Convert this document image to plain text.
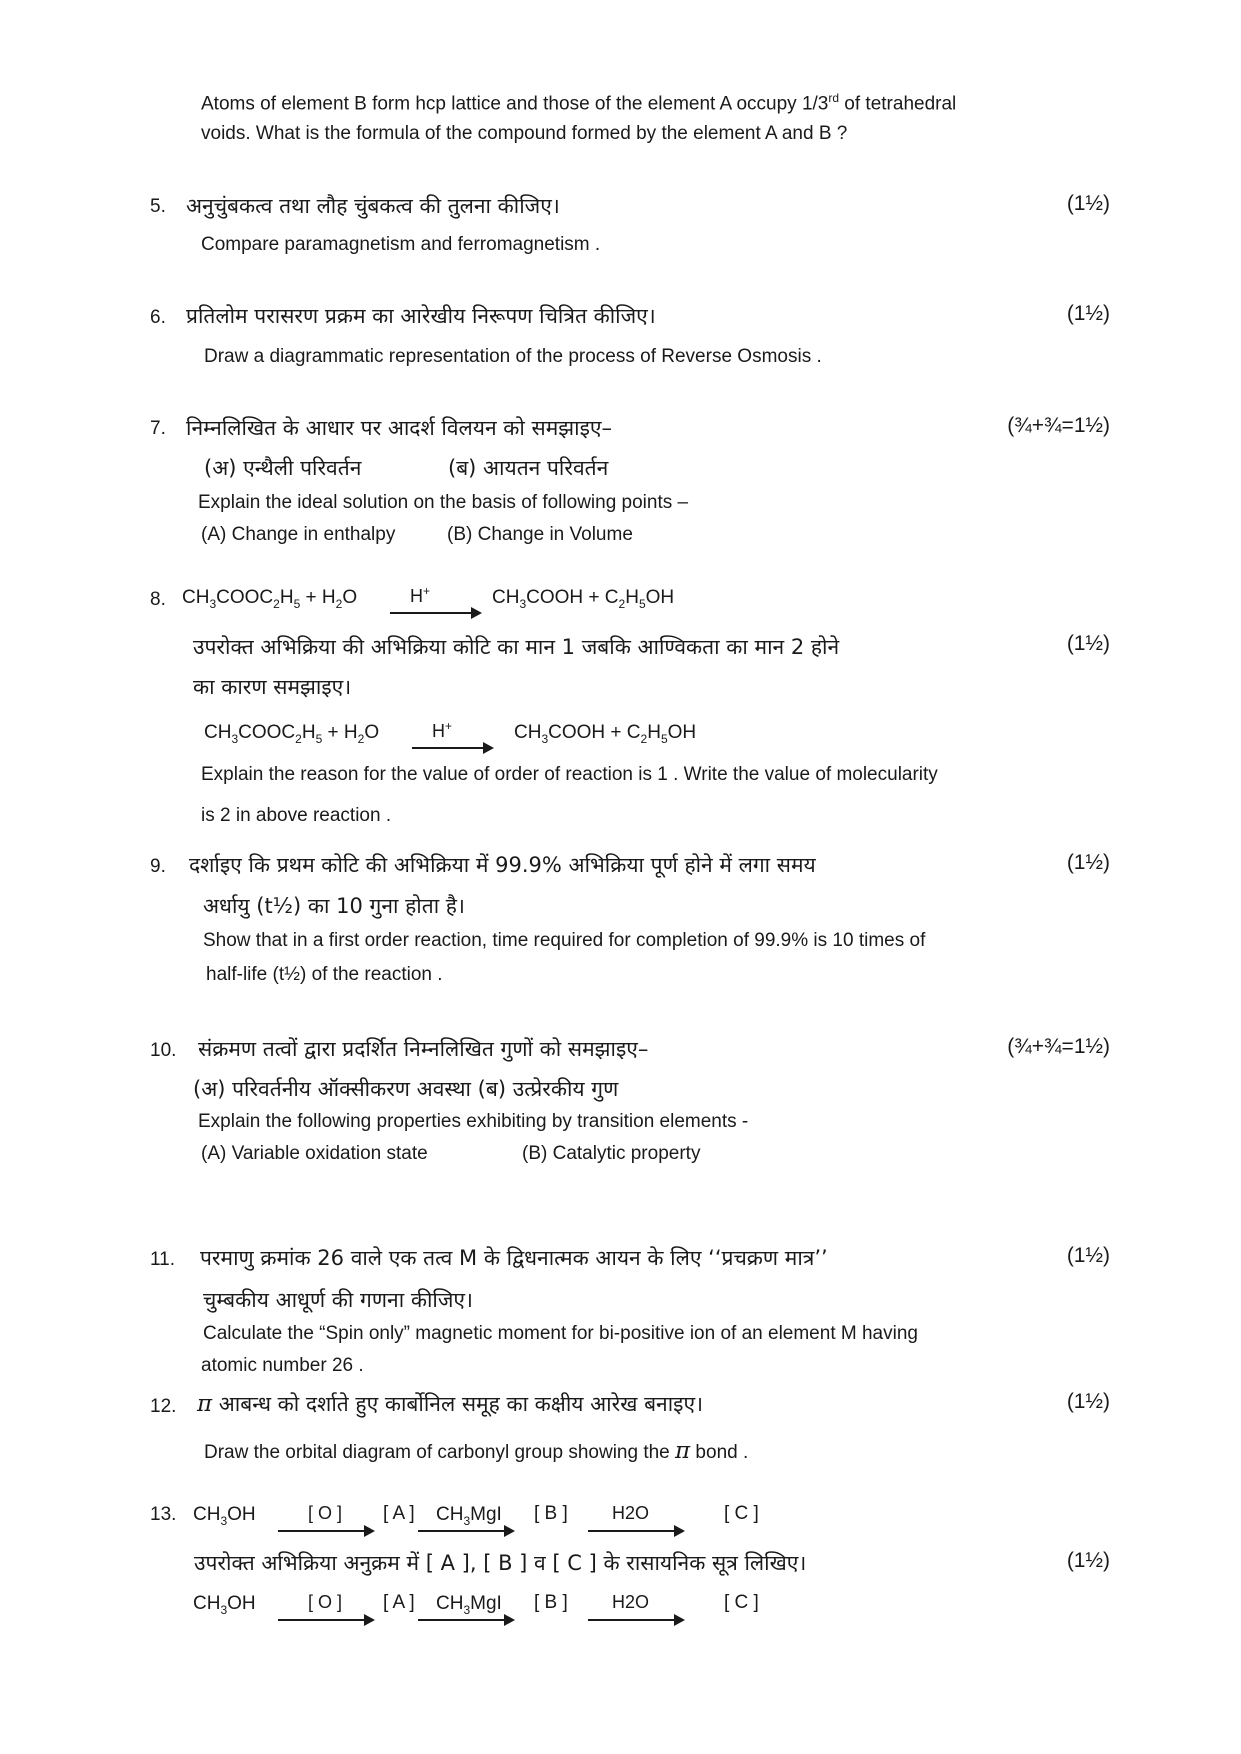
Atoms of element B form hcp lattice and those of the element A occupy 1/3rd of tetrahedral
voids. What is the formula of the compound formed by the element A and B ?
5. अनुचुंबकत्व तथा लौह चुंबकत्व की तुलना कीजिए।	(1½)
Compare paramagnetism and ferromagnetism .
6. प्रतिलोम परासरण प्रक्रम का आरेखीय निरूपण चित्रित कीजिए।	(1½)
Draw a diagrammatic representation of the process of Reverse Osmosis .
7. निम्नलिखित के आधार पर आदर्श विलयन को समझाइए–	(¾+¾=1½)
(अ) एन्थैली परिवर्तन	(ब) आयतन परिवर्तन
Explain the ideal solution on the basis of following points –
(A) Change in enthalpy	(B) Change in Volume
8. $CH_3COOC_2H_5 + H_2O$	H+	$CH_3COOH + C_2H_5OH$
(1½)
उपरोक्त अभिक्रिया की अभिक्रिया कोटि का मान 1 जबकि आण्विकता का मान 2 होने
का कारण समझाइए।
$CH_3COOC_2H_5 + H_2O$	H+	$CH_3COOH + C_2H_5OH$
Explain the reason for the value of order of reaction is 1 . Write the value of molecularity
is 2 in above reaction .
9. दर्शाइए कि प्रथम कोटि की अभिक्रिया में 99.9% अभिक्रिया पूर्ण होने में लगा समय	(1½)
अर्धायु (t½) का 10 गुना होता है।
Show that in a first order reaction, time required for completion of 99.9% is 10 times of
half-life (t½) of the reaction .
10. संक्रमण तत्वों द्वारा प्रदर्शित निम्नलिखित गुणों को समझाइए–	(¾+¾=1½)
(अ) परिवर्तनीय ऑक्सीकरण अवस्था (ब) उत्प्रेरकीय गुण
Explain the following properties exhibiting by transition elements -
(A) Variable oxidation state	(B) Catalytic property
11. परमाणु क्रमांक 26 वाले एक तत्व M के द्विधनात्मक आयन के लिए ‘‘प्रचक्रण मात्र’’	(1½)
चुम्बकीय आधूर्ण की गणना कीजिए।
Calculate the “Spin only” magnetic moment for bi-positive ion of an element M having
atomic number 26 .
12. π आबन्ध को दर्शाते हुए कार्बोनिल समूह का कक्षीय आरेख बनाइए।	(1½)
Draw the orbital diagram of carbonyl group showing the π bond .
13. $CH_3OH$	[ O ] [ A ] $CH_3MgI$ [ B ] H2O	[ C ]
उपरोक्त अभिक्रिया अनुक्रम में [ A ], [ B ] व [ C ] के रासायनिक सूत्र लिखिए।	(1½)
$CH_3OH$	[ O ] [ A ] $CH_3MgI$ [ B ] H2O	[ C ]
